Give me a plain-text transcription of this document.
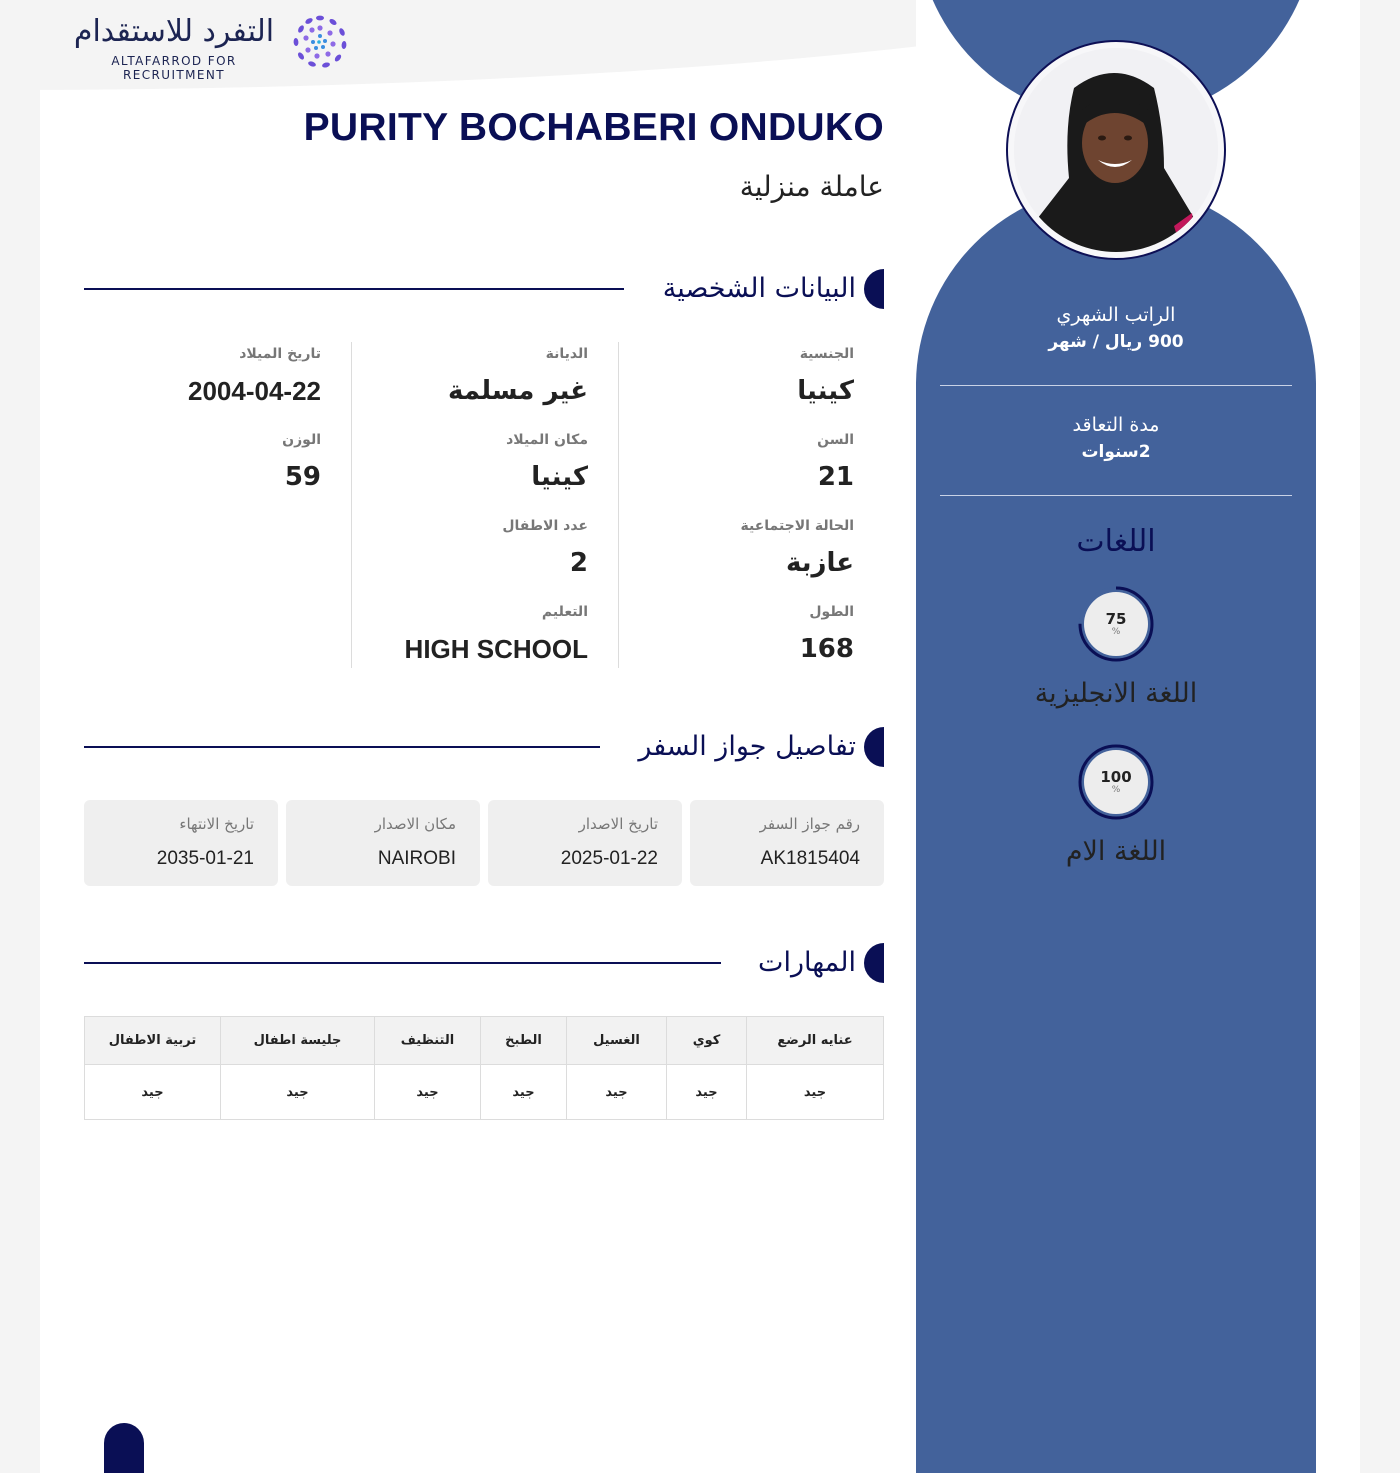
التفرد للاستقدام
ALTAFARROD FOR RECRUITMENT
الراتب الشهري
900 ريال / شهر
مدة التعاقد
2سنوات
اللغات
75
%
اللغة الانجليزية
100
%
اللغة الام
PURITY BOCHABERI ONDUKO
عاملة منزلية
البيانات الشخصية
الجنسية
كينيا
السن
21
الحالة الاجتماعية
عازبة
الطول
168
الديانة
غير مسلمة
مكان الميلاد
كينيا
عدد الاطفال
2
التعليم
HIGH SCHOOL
تاريخ الميلاد
2004-04-22
الوزن
59
تفاصيل جواز السفر
رقم جواز السفر
AK1815404
تاريخ الاصدار
2025-01-22
مكان الاصدار
NAIROBI
تاريخ الانتهاء
2035-01-21
المهارات
عنايه الرضع	كوي	الغسيل	الطبخ	التنظيف	جليسة اطفال	تربية الاطفال
جيد	جيد	جيد	جيد	جيد	جيد	جيد
